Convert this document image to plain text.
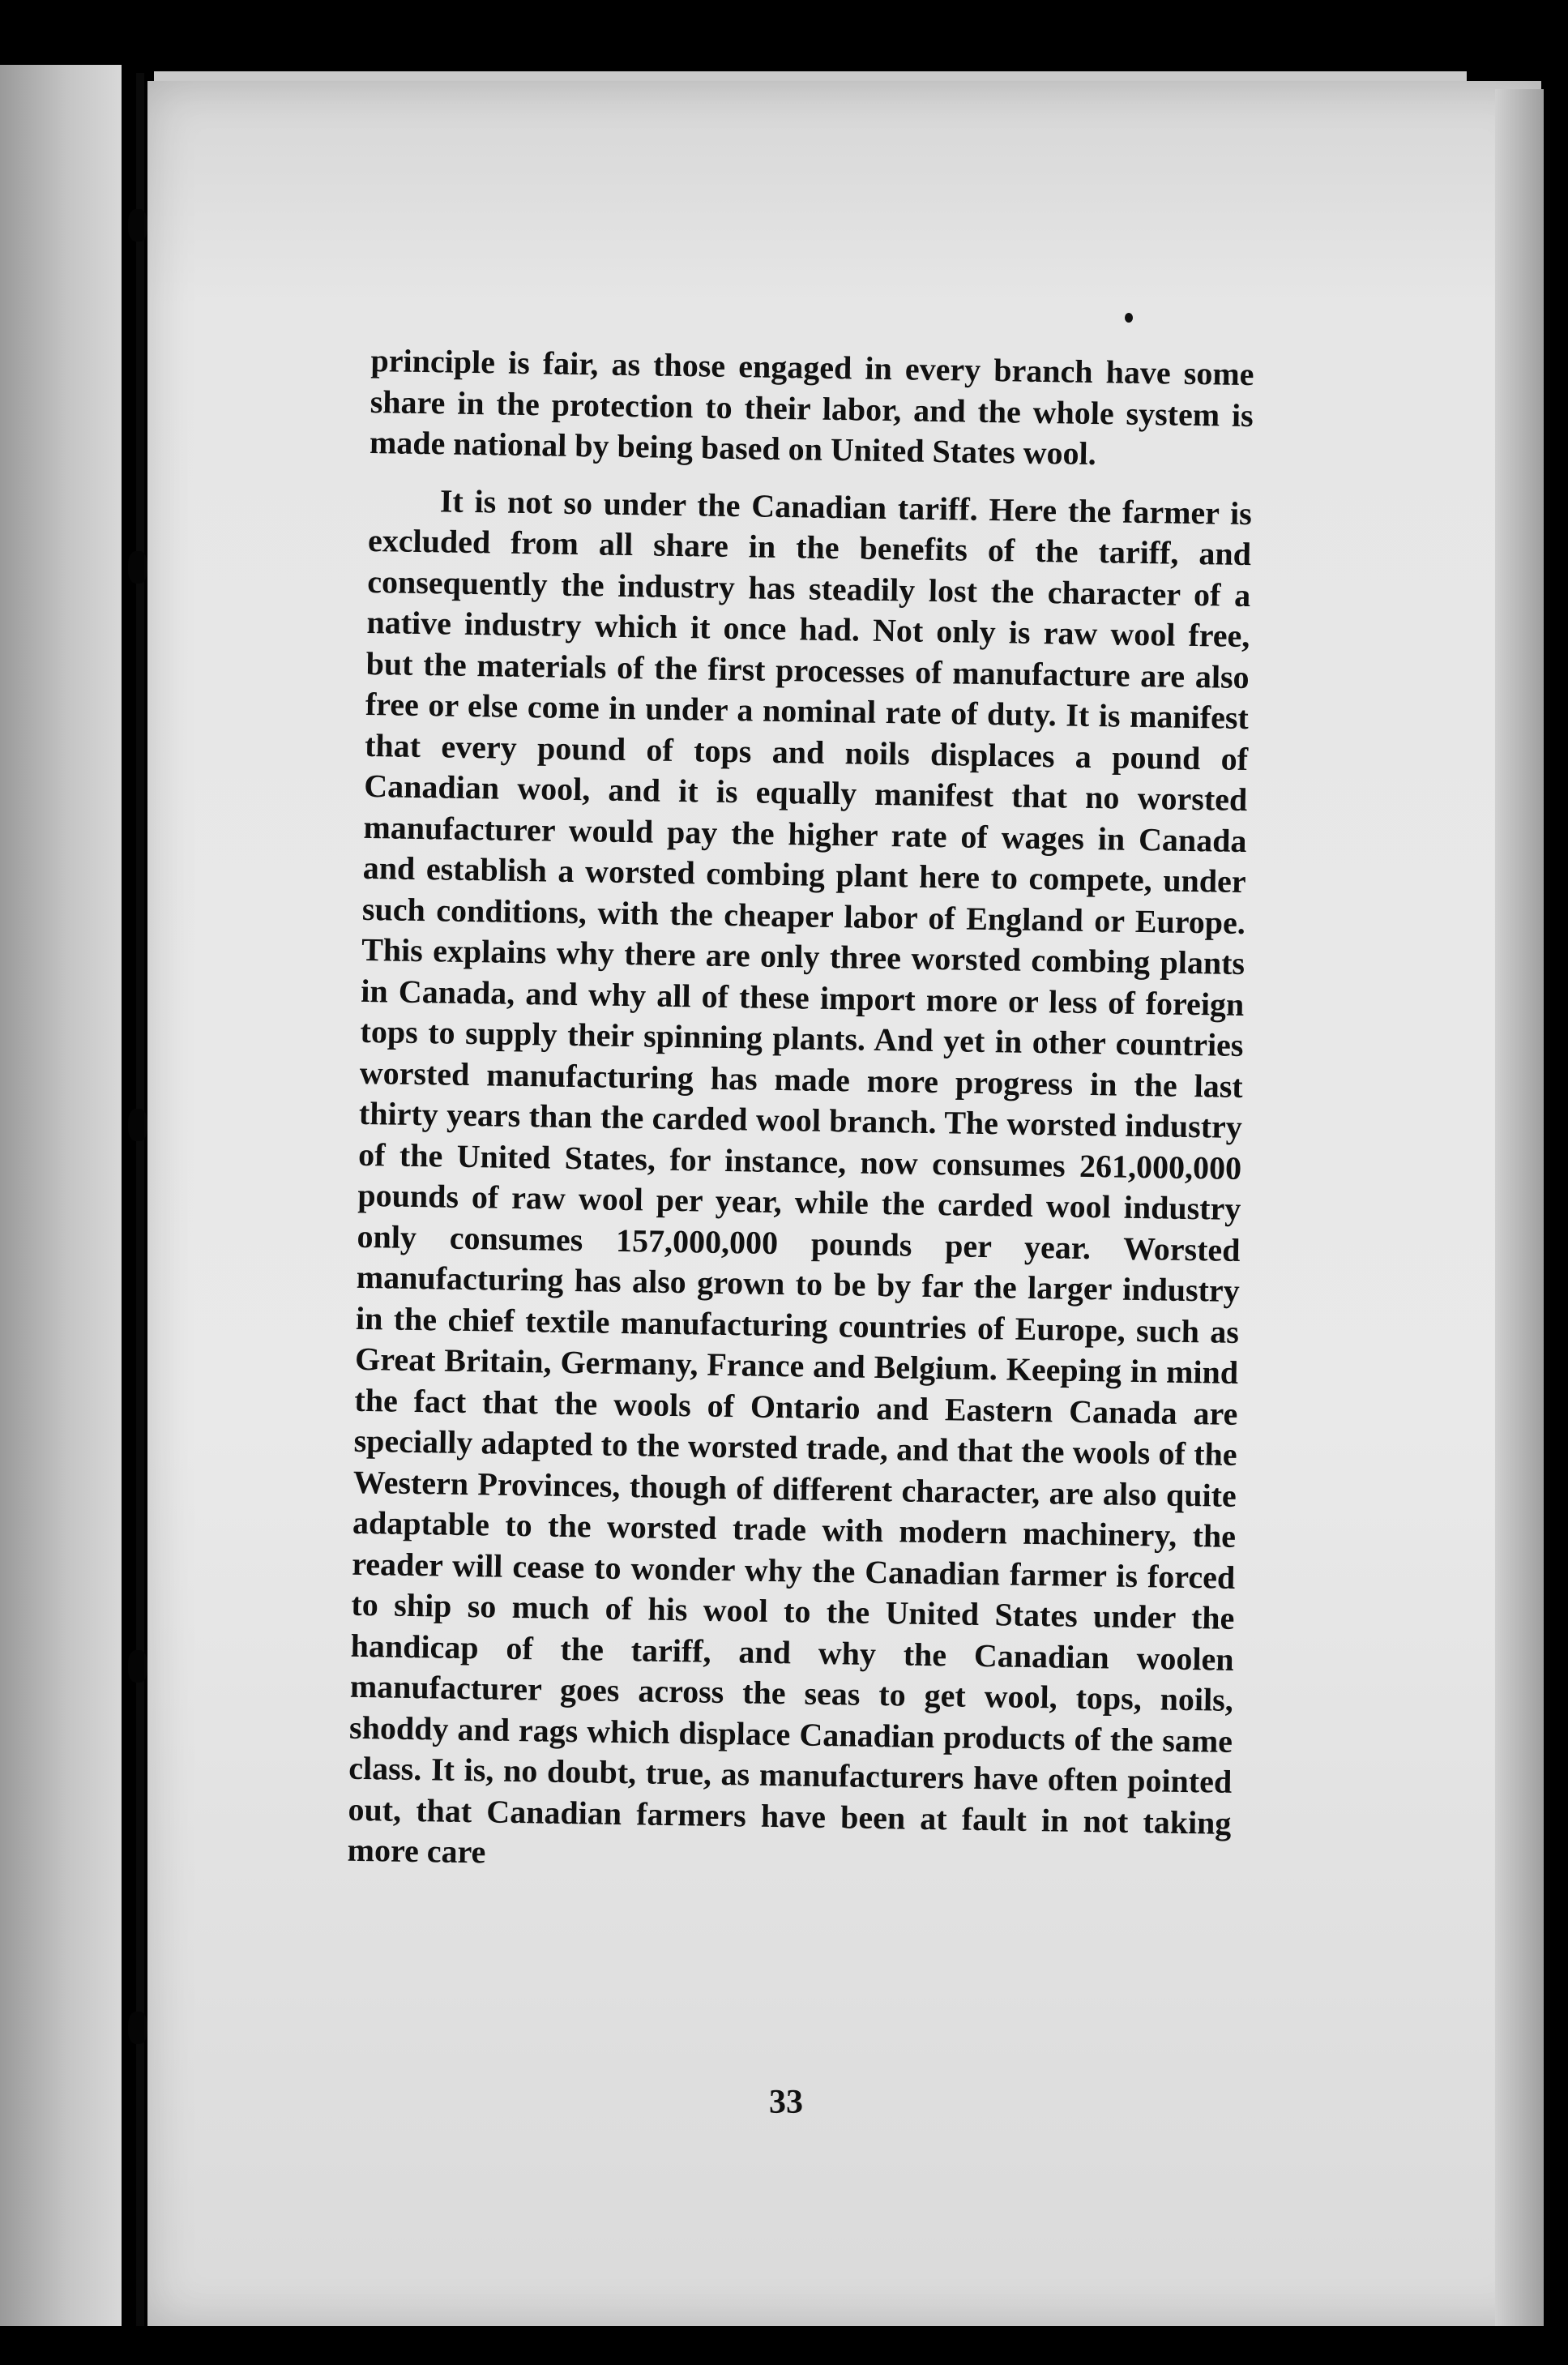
principle is fair, as those engaged in every branch have some share in the protection to their labor, and the whole system is made national by being based on United States wool.

It is not so under the Canadian tariff. Here the farmer is excluded from all share in the benefits of the tariff, and consequently the industry has steadily lost the character of a native industry which it once had. Not only is raw wool free, but the materials of the first processes of manufacture are also free or else come in under a nominal rate of duty. It is manifest that every pound of tops and noils displaces a pound of Canadian wool, and it is equally manifest that no worsted manufacturer would pay the higher rate of wages in Canada and establish a worsted combing plant here to compete, under such conditions, with the cheaper labor of England or Europe. This explains why there are only three worsted combing plants in Canada, and why all of these import more or less of foreign tops to supply their spinning plants. And yet in other countries worsted manufacturing has made more progress in the last thirty years than the carded wool branch. The worsted industry of the United States, for instance, now consumes 261,000,000 pounds of raw wool per year, while the carded wool industry only consumes 157,000,000 pounds per year. Worsted manufacturing has also grown to be by far the larger industry in the chief textile manufacturing countries of Europe, such as Great Britain, Germany, France and Belgium. Keeping in mind the fact that the wools of Ontario and Eastern Canada are specially adapted to the worsted trade, and that the wools of the Western Provinces, though of different character, are also quite adaptable to the worsted trade with modern machinery, the reader will cease to wonder why the Canadian farmer is forced to ship so much of his wool to the United States under the handicap of the tariff, and why the Canadian woolen manufacturer goes across the seas to get wool, tops, noils, shoddy and rags which displace Canadian products of the same class. It is, no doubt, true, as manufacturers have often pointed out, that Canadian farmers have been at fault in not taking more care

33
